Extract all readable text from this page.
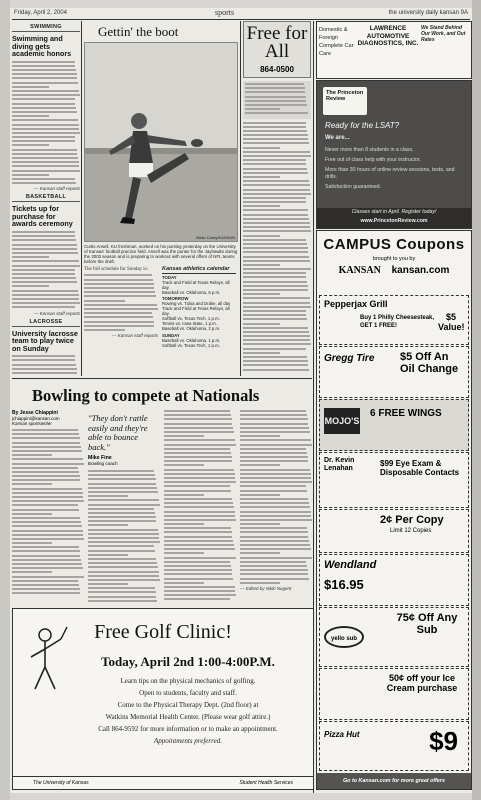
Friday, April 2, 2004	sports	the university daily kansan 9A
SWIMMING
Swimming and diving gets academic honors
— Kansan staff reports
BASKETBALL
Tickets up for purchase for awards ceremony
— Kansan staff reports
LACROSSE
University lacrosse team to play twice on Sunday
Gettin' the boot
Brian Carey/KANSAN
Curtis Ansell, KU freshman, worked on his punting yesterday on the University of Kansas' football practice field. Ansell was the punter for the Jayhawks during the 2003 season and is preparing to workout with several offers of NFL teams before the draft.
The full schedule for Sunday is:
— Kansan staff reports
Kansas athletics calendar
TODAY
Track and Field at Texas Relays, all day
Baseball vs. Oklahoma, 6 p.m.
TOMORROW
Rowing vs. Tulsa and Drake, all day
Track and Field at Texas Relays, all day
Softball vs. Texas Tech, 1 p.m.
Tennis vs. Iowa State, 1 p.m.
Baseball vs. Oklahoma, 2 p.m.
SUNDAY
Baseball vs. Oklahoma, 1 p.m.
Softball vs. Texas Tech, 1 p.m.
Free for All
864-0500
Domestic & Foreign Complete Car Care
LAWRENCE AUTOMOTIVE DIAGNOSTICS, INC.
We Stand Behind Our Work, and Out Rates
The Princeton Review
Ready for the LSAT?
We are...
Never more than 8 students in a class.
Free out of class help with your instructor.
More than 30 hours of online review sessions, tests, and drills.
Satisfaction guaranteed.
Classes start in April. Register today!
www.PrincetonReview.com
CAMPUS Coupons
brought to you by
KANSAN kansan.com
Pepperjax Grill
Buy 1 Philly Cheesesteak, GET 1 FREE!
$5 Value!
Gregg Tire $5 Off An Oil Change
MOJO'S
6 FREE WINGS
Dr. Kevin Lenahan
$99 Eye Exam & Disposable Contacts
2¢ Per Copy
Limit 12 Copies
Wendland
$16.95
yello sub
75¢ Off Any Sub
50¢ off your Ice Cream purchase
Pizza Hut	$9
Go to Kansan.com for more great offers
Bowling to compete at Nationals
By Jesse Chiappini
jchiappini@kansan.com
Kansan sportswriter
"They don't rattle easily and they're able to bounce back."
Mike Fine
Bowling coach
— Edited by Nikki Nugent
Free Golf Clinic!
Today, April 2nd 1:00-4:00P.M.
Learn tips on the physical mechanics of golfing.
Open to students, faculty and staff.
Come to the Physical Therapy Dept. (2nd floor) at
Watkins Memorial Health Center. (Please wear golf attire.)
Call 864-9592 for more information or to make an appointment.
Appointments preferred.
The University of Kansas	Student Health Services
